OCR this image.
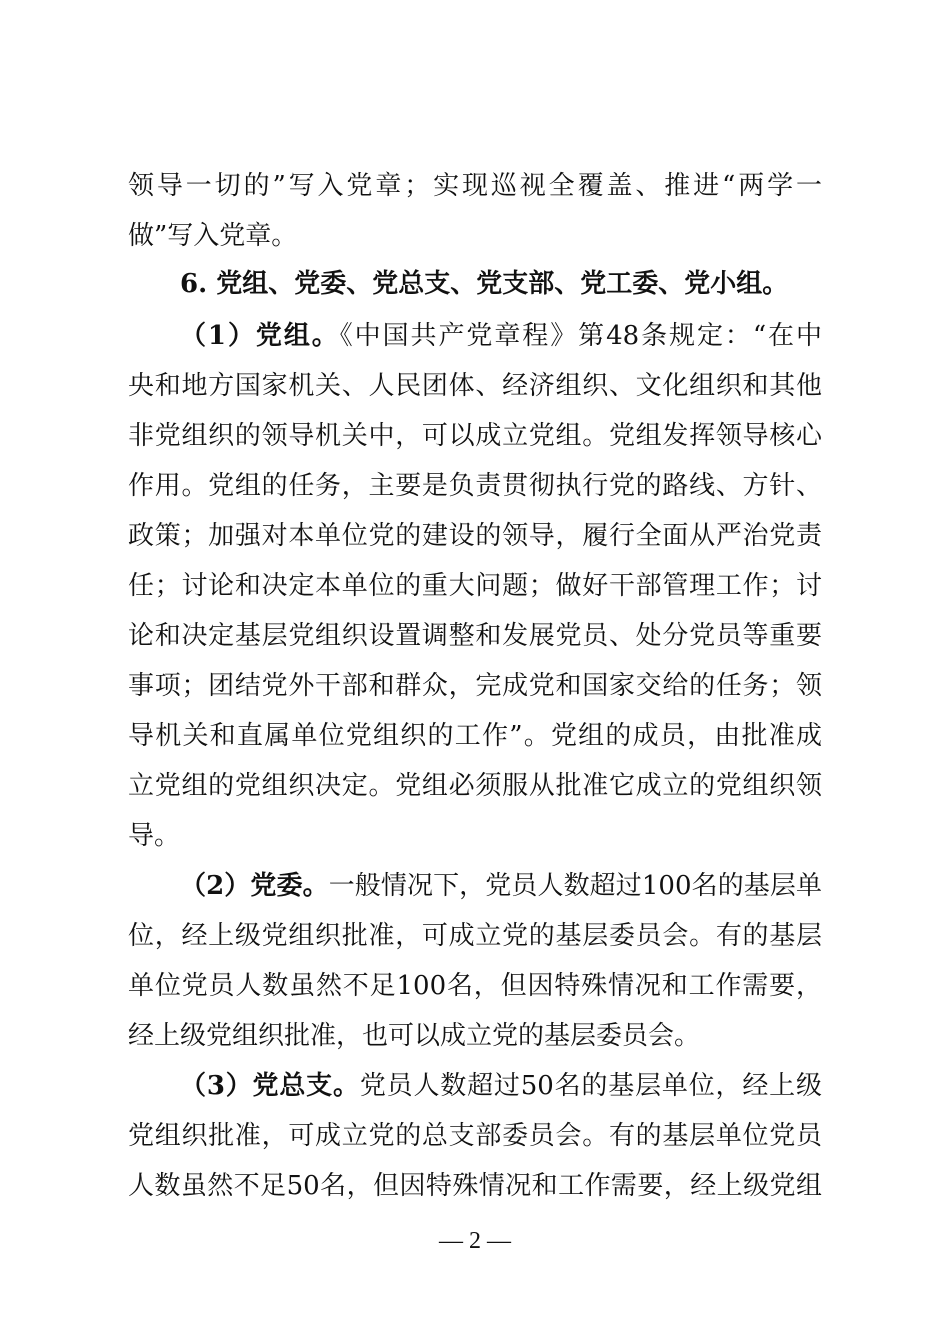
领导一切的”写入党章；实现巡视全覆盖、推进“两学一
做”写入党章。
6. 党组、党委、党总支、党支部、党工委、党小组。
（1）党组。《中国共产党章程》第48条规定：“在中
央和地方国家机关、人民团体、经济组织、文化组织和其他
非党组织的领导机关中，可以成立党组。党组发挥领导核心
作用。党组的任务，主要是负责贯彻执行党的路线、方针、
政策；加强对本单位党的建设的领导，履行全面从严治党责
任；讨论和决定本单位的重大问题；做好干部管理工作；讨
论和决定基层党组织设置调整和发展党员、处分党员等重要
事项；团结党外干部和群众，完成党和国家交给的任务；领
导机关和直属单位党组织的工作”。党组的成员，由批准成
立党组的党组织决定。党组必须服从批准它成立的党组织领
导。
（2）党委。一般情况下，党员人数超过100名的基层单
位，经上级党组织批准，可成立党的基层委员会。有的基层
单位党员人数虽然不足100名，但因特殊情况和工作需要，
经上级党组织批准，也可以成立党的基层委员会。
（3）党总支。党员人数超过50名的基层单位，经上级
党组织批准，可成立党的总支部委员会。有的基层单位党员
人数虽然不足50名，但因特殊情况和工作需要，经上级党组
— 2 —
